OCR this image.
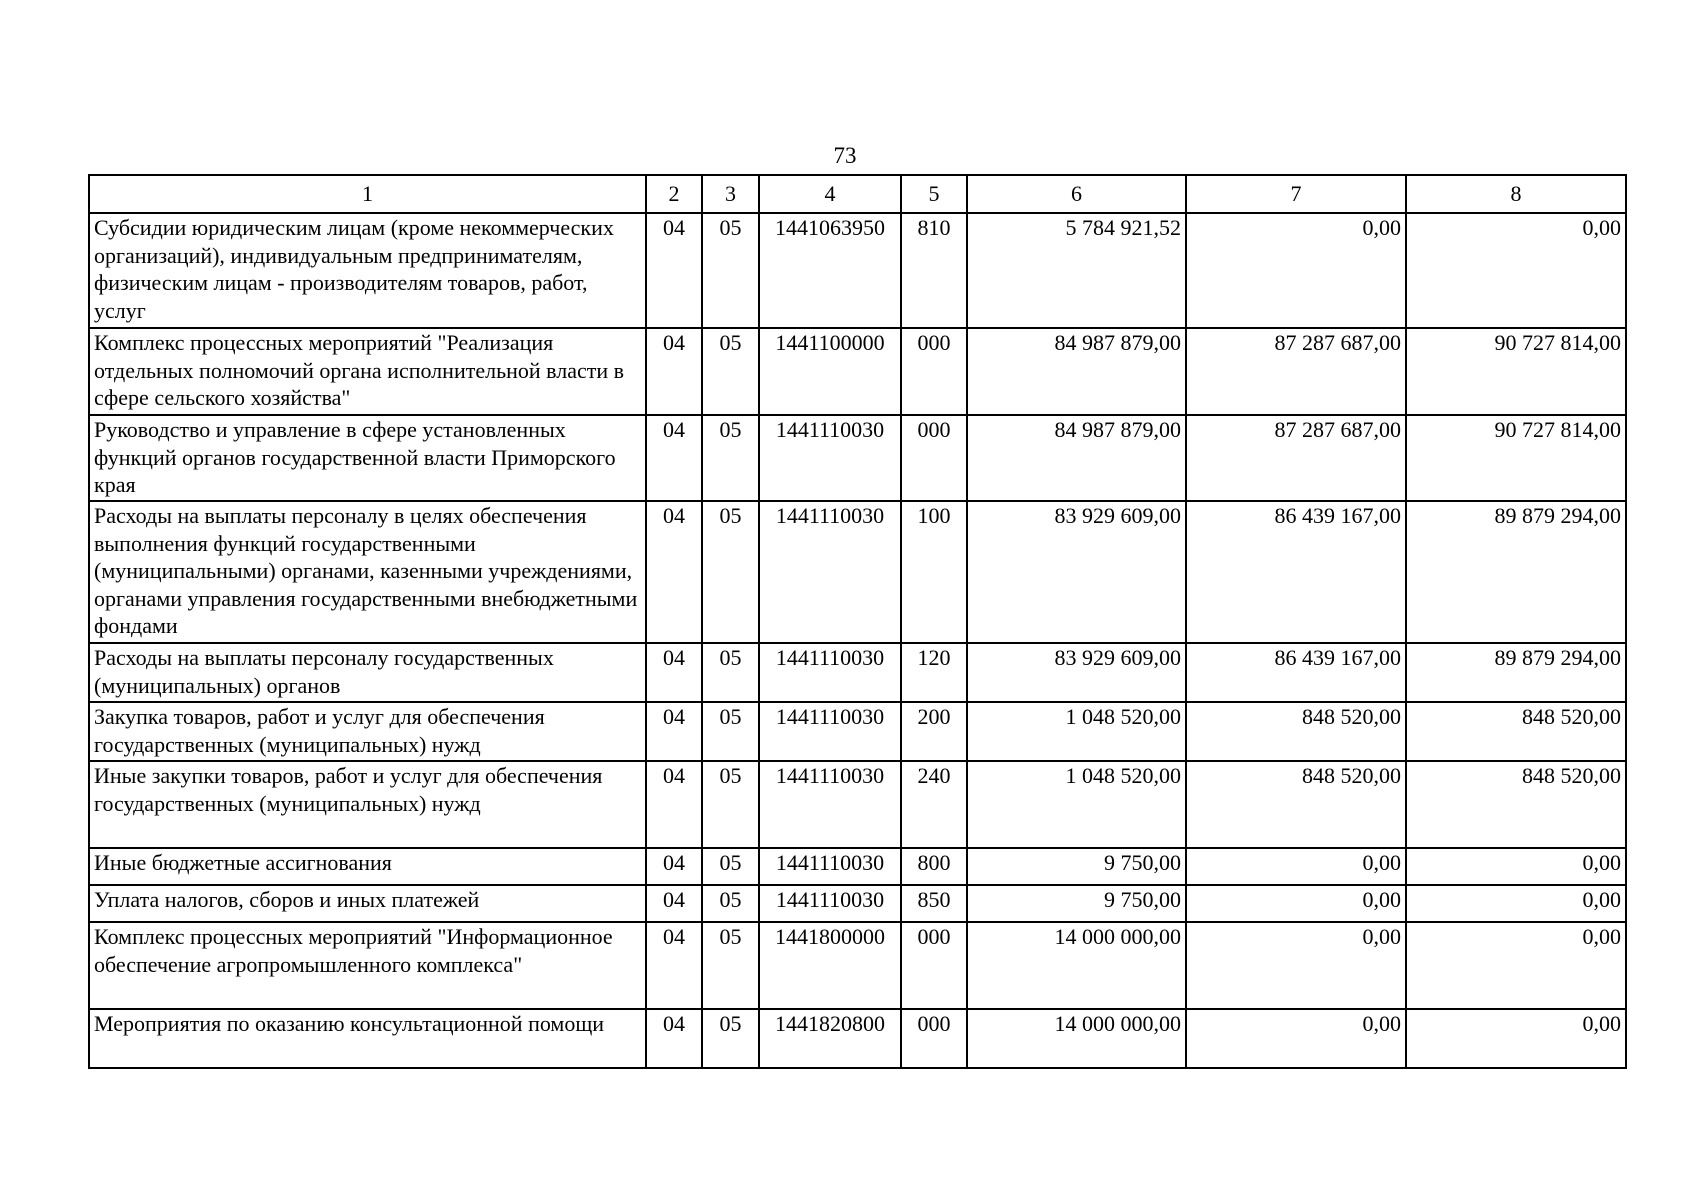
73
1	2	3	4	5	6	7	8
Субсидии юридическим лицам (кроме некоммерческих организаций), индивидуальным предпринимателям, физическим лицам - производителям товаров, работ, услуг	04	05	1441063950	810	5 784 921,52	0,00	0,00
Комплекс процессных мероприятий "Реализация отдельных полномочий органа исполнительной власти в сфере сельского хозяйства"	04	05	1441100000	000	84 987 879,00	87 287 687,00	90 727 814,00
Руководство и управление в сфере установленных функций органов государственной власти Приморского края	04	05	1441110030	000	84 987 879,00	87 287 687,00	90 727 814,00
Расходы на выплаты персоналу в целях обеспечения выполнения функций государственными (муниципальными) органами, казенными учреждениями, органами управления государственными внебюджетными фондами	04	05	1441110030	100	83 929 609,00	86 439 167,00	89 879 294,00
Расходы на выплаты персоналу государственных (муниципальных) органов	04	05	1441110030	120	83 929 609,00	86 439 167,00	89 879 294,00
Закупка товаров, работ и услуг для обеспечения государственных (муниципальных) нужд	04	05	1441110030	200	1 048 520,00	848 520,00	848 520,00
Иные закупки товаров, работ и услуг для обеспечения государственных (муниципальных) нужд	04	05	1441110030	240	1 048 520,00	848 520,00	848 520,00
Иные бюджетные ассигнования	04	05	1441110030	800	9 750,00	0,00	0,00
Уплата налогов, сборов и иных платежей	04	05	1441110030	850	9 750,00	0,00	0,00
Комплекс процессных мероприятий "Информационное обеспечение агропромышленного комплекса"	04	05	1441800000	000	14 000 000,00	0,00	0,00
Мероприятия по оказанию консультационной помощи	04	05	1441820800	000	14 000 000,00	0,00	0,00
